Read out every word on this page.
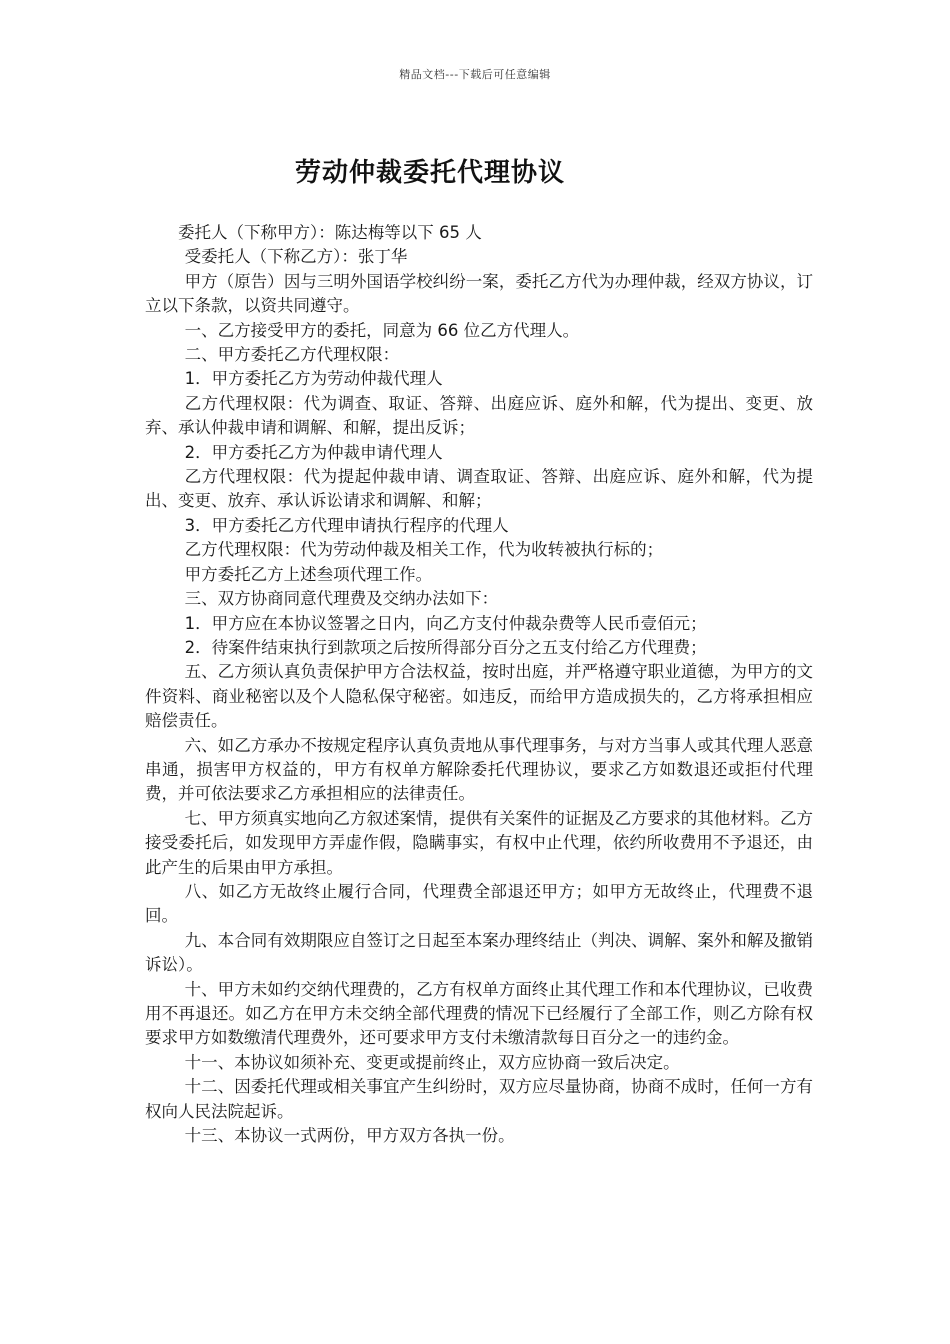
精品文档---下载后可任意编辑
劳动仲裁委托代理协议

委托人（下称甲方）：陈达梅等以下 65 人

受委托人（下称乙方）：张丁华

甲方（原告）因与三明外国语学校纠纷一案，委托乙方代为办理仲裁，经双方协议，订立以下条款，以资共同遵守。

一、乙方接受甲方的委托，同意为 66 位乙方代理人。

二、甲方委托乙方代理权限：

1．甲方委托乙方为劳动仲裁代理人

乙方代理权限：代为调查、取证、答辩、出庭应诉、庭外和解，代为提出、变更、放弃、承认仲裁申请和调解、和解，提出反诉；

2．甲方委托乙方为仲裁申请代理人

乙方代理权限：代为提起仲裁申请、调查取证、答辩、出庭应诉、庭外和解，代为提出、变更、放弃、承认诉讼请求和调解、和解；

3．甲方委托乙方代理申请执行程序的代理人

乙方代理权限：代为劳动仲裁及相关工作，代为收转被执行标的；

甲方委托乙方上述叁项代理工作。

三、双方协商同意代理费及交纳办法如下：

1．甲方应在本协议签署之日内，向乙方支付仲裁杂费等人民币壹佰元；

2．待案件结束执行到款项之后按所得部分百分之五支付给乙方代理费；

五、乙方须认真负责保护甲方合法权益，按时出庭，并严格遵守职业道德，为甲方的文件资料、商业秘密以及个人隐私保守秘密。如违反，而给甲方造成损失的，乙方将承担相应赔偿责任。

六、如乙方承办不按规定程序认真负责地从事代理事务，与对方当事人或其代理人恶意串通，损害甲方权益的，甲方有权单方解除委托代理协议，要求乙方如数退还或拒付代理费，并可依法要求乙方承担相应的法律责任。

七、甲方须真实地向乙方叙述案情，提供有关案件的证据及乙方要求的其他材料。乙方接受委托后，如发现甲方弄虚作假，隐瞒事实，有权中止代理，依约所收费用不予退还，由此产生的后果由甲方承担。

八、如乙方无故终止履行合同，代理费全部退还甲方；如甲方无故终止，代理费不退回。

九、本合同有效期限应自签订之日起至本案办理终结止（判决、调解、案外和解及撤销诉讼）。

十、甲方未如约交纳代理费的，乙方有权单方面终止其代理工作和本代理协议，已收费用不再退还。如乙方在甲方未交纳全部代理费的情况下已经履行了全部工作，则乙方除有权要求甲方如数缴清代理费外，还可要求甲方支付未缴清款每日百分之一的违约金。

十一、本协议如须补充、变更或提前终止，双方应协商一致后决定。

十二、因委托代理或相关事宜产生纠纷时，双方应尽量协商，协商不成时，任何一方有权向人民法院起诉。

十三、本协议一式两份，甲方双方各执一份。
